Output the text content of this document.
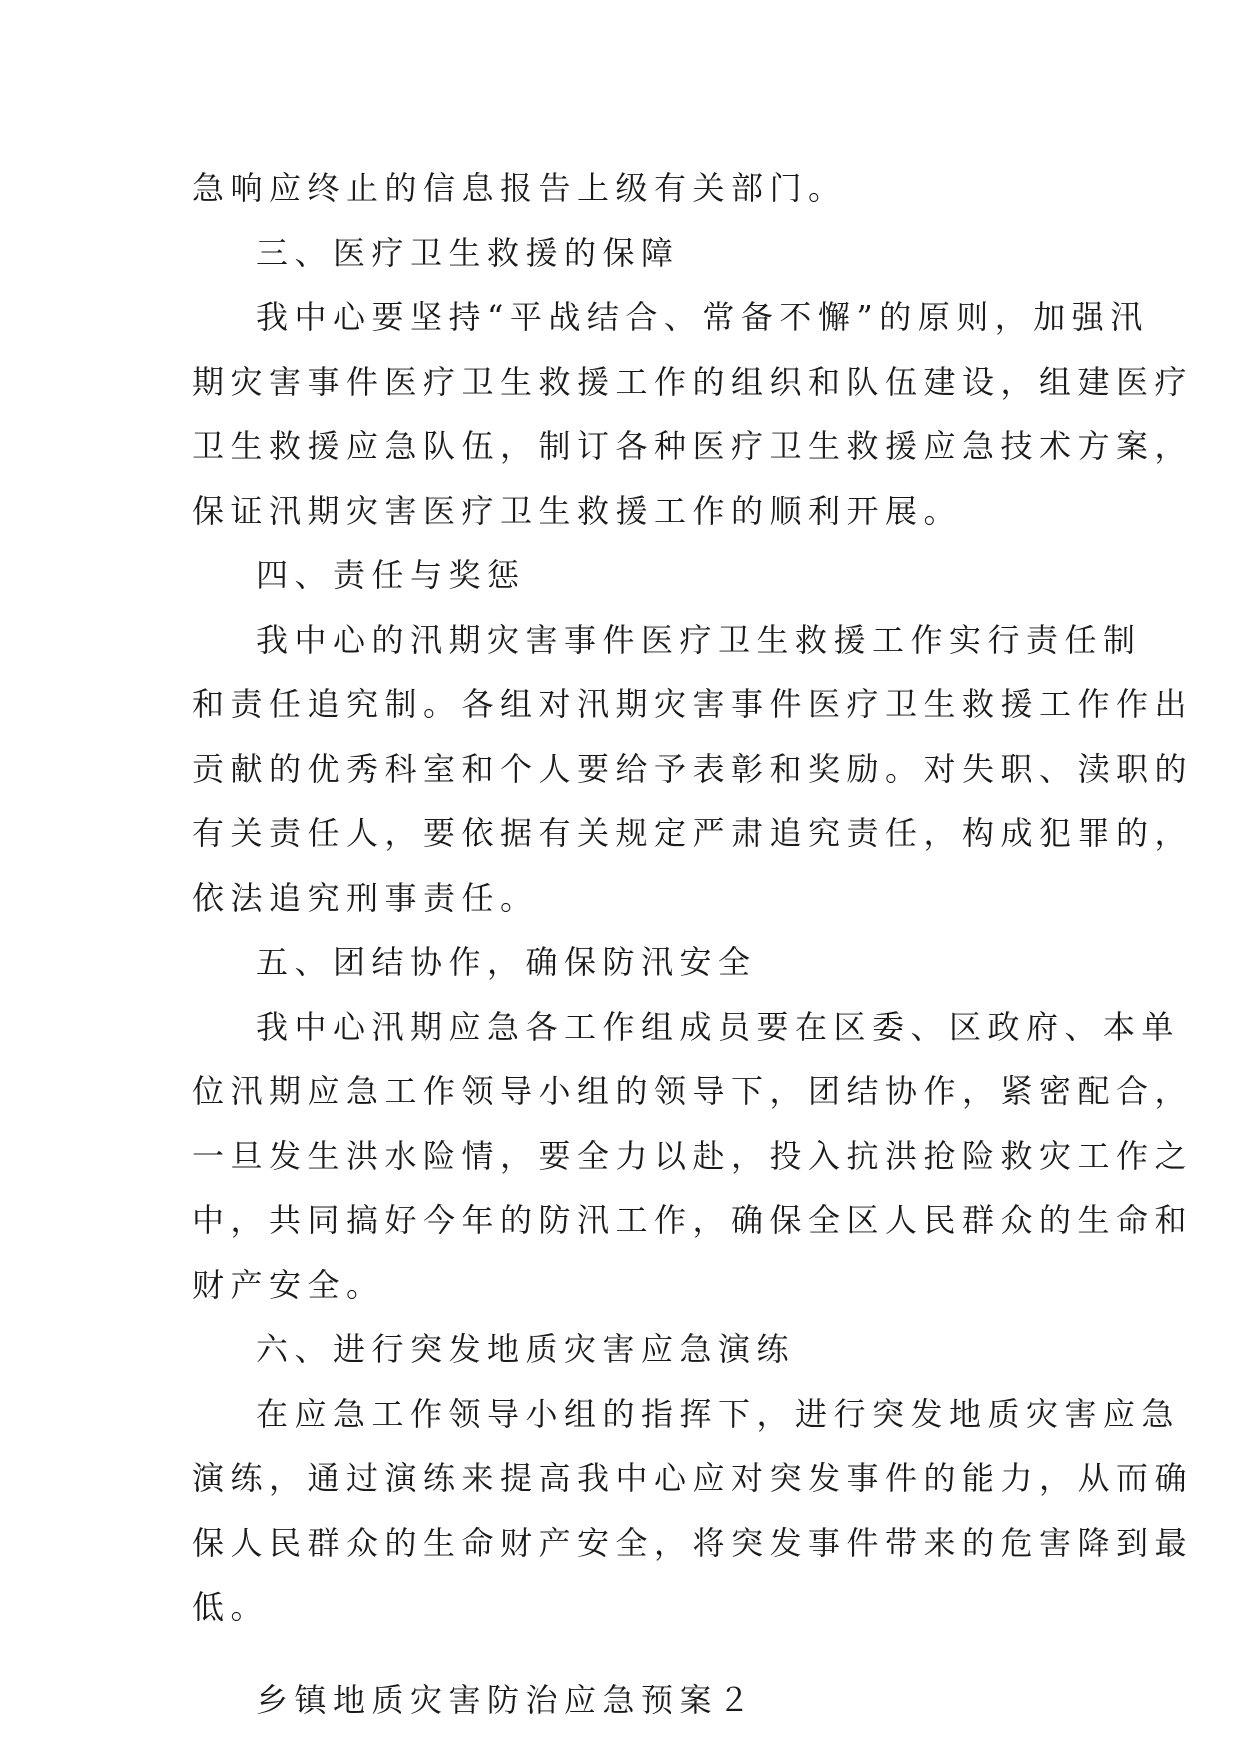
急响应终止的信息报告上级有关部门。
三、医疗卫生救援的保障
我中心要坚持“平战结合、常备不懈”的原则，加强汛
期灾害事件医疗卫生救援工作的组织和队伍建设，组建医疗
卫生救援应急队伍，制订各种医疗卫生救援应急技术方案，
保证汛期灾害医疗卫生救援工作的顺利开展。
四、责任与奖惩
我中心的汛期灾害事件医疗卫生救援工作实行责任制
和责任追究制。各组对汛期灾害事件医疗卫生救援工作作出
贡献的优秀科室和个人要给予表彰和奖励。对失职、渎职的
有关责任人，要依据有关规定严肃追究责任，构成犯罪的，
依法追究刑事责任。
五、团结协作，确保防汛安全
我中心汛期应急各工作组成员要在区委、区政府、本单
位汛期应急工作领导小组的领导下，团结协作，紧密配合，
一旦发生洪水险情，要全力以赴，投入抗洪抢险救灾工作之
中，共同搞好今年的防汛工作，确保全区人民群众的生命和
财产安全。
六、进行突发地质灾害应急演练
在应急工作领导小组的指挥下，进行突发地质灾害应急
演练，通过演练来提高我中心应对突发事件的能力，从而确
保人民群众的生命财产安全，将突发事件带来的危害降到最
低。
乡镇地质灾害防治应急预案２
